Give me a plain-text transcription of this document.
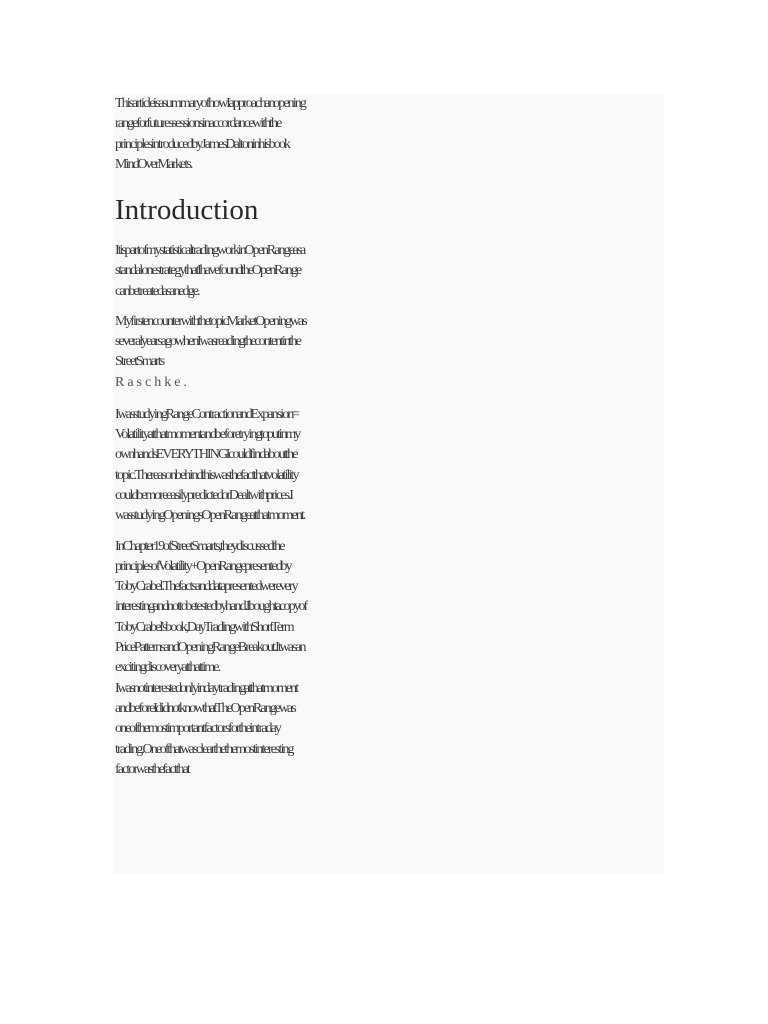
This article is a summary of how I approach an opening range for futures sessions in accordance with the principles introduced by James Dalton in his book Mind Over Markets.

Introduction

It is part of my statistical trading work in Open Range as a standalone strategy that I have found the Open Range can be treated as an edge.

My first encounter with the topic Market Opening was several years ago when I was reading the content in the Street Smarts

Raschke.

I was studying Range Contraction and Expansion = Volatility at that moment and before trying to put in my own hands EVERYTHING I could find about the topic. The reason behind this was the fact that volatility could be more easily predicted or Dealt with prices. I was studying Openings Open Range at that moment.

In Chapter 19 of Street Smarts, they discussed the principles of Volatility + Open Range presented by Toby Crabel. The facts and data presented were very interesting and not to be tested by hand. I bought a copy of Toby Crabel's book, Day Trading with Short Term Price Patterns and Opening Range Breakout. It was an exciting discovery at that time.

I was not interested only in daytrading at that moment and before I did not know that The Open Range was one of the most important factors for the intraday trading. One of that was clear the the most interesting factor was the fact that
